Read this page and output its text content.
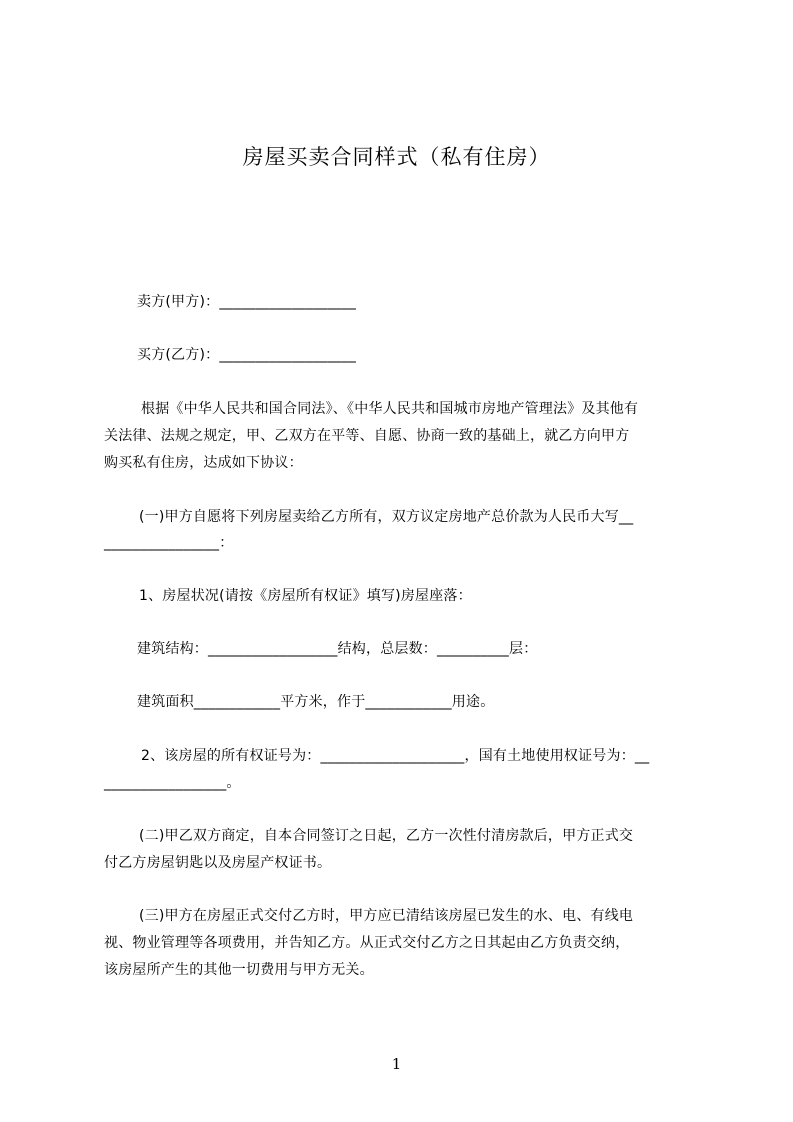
房屋买卖合同样式（私有住房）
卖方(甲方)：___________________
买方(乙方)：___________________
根据《中华人民共和国合同法》、《中华人民共和国城市房地产管理法》及其他有
关法律、法规之规定，甲、乙双方在平等、自愿、协商一致的基础上，就乙方向甲方
购买私有住房，达成如下协议：
(一)甲方自愿将下列房屋卖给乙方所有，双方议定房地产总价款为人民币大写__
________________：
1、房屋状况(请按《房屋所有权证》填写)房屋座落：
建筑结构：__________________结构，总层数：__________层：
建筑面积____________平方米，作于____________用途。
2、该房屋的所有权证号为：____________________，国有土地使用权证号为：__
_________________。
(二)甲乙双方商定，自本合同签订之日起，乙方一次性付清房款后，甲方正式交
付乙方房屋钥匙以及房屋产权证书。
(三)甲方在房屋正式交付乙方时，甲方应已清结该房屋已发生的水、电、有线电
视、物业管理等各项费用，并告知乙方。从正式交付乙方之日其起由乙方负责交纳，
该房屋所产生的其他一切费用与甲方无关。
1
